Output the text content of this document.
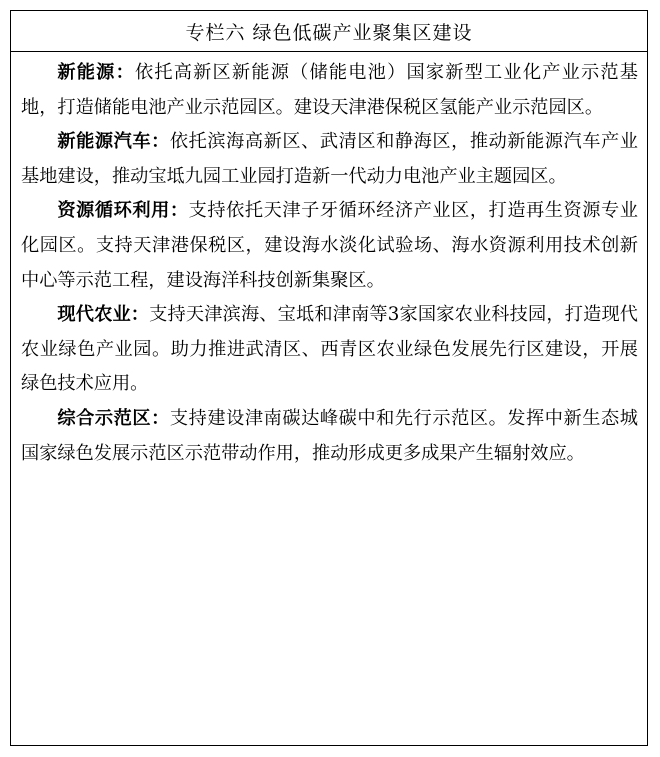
专栏六 绿色低碳产业聚集区建设

新能源：依托高新区新能源（储能电池）国家新型工业化产业示范基地，打造储能电池产业示范园区。建设天津港保税区氢能产业示范园区。

新能源汽车：依托滨海高新区、武清区和静海区，推动新能源汽车产业基地建设，推动宝坻九园工业园打造新一代动力电池产业主题园区。

资源循环利用：支持依托天津子牙循环经济产业区，打造再生资源专业化园区。支持天津港保税区，建设海水淡化试验场、海水资源利用技术创新中心等示范工程，建设海洋科技创新集聚区。

现代农业：支持天津滨海、宝坻和津南等3家国家农业科技园，打造现代农业绿色产业园。助力推进武清区、西青区农业绿色发展先行区建设，开展绿色技术应用。

综合示范区：支持建设津南碳达峰碳中和先行示范区。发挥中新生态城国家绿色发展示范区示范带动作用，推动形成更多成果产生辐射效应。
